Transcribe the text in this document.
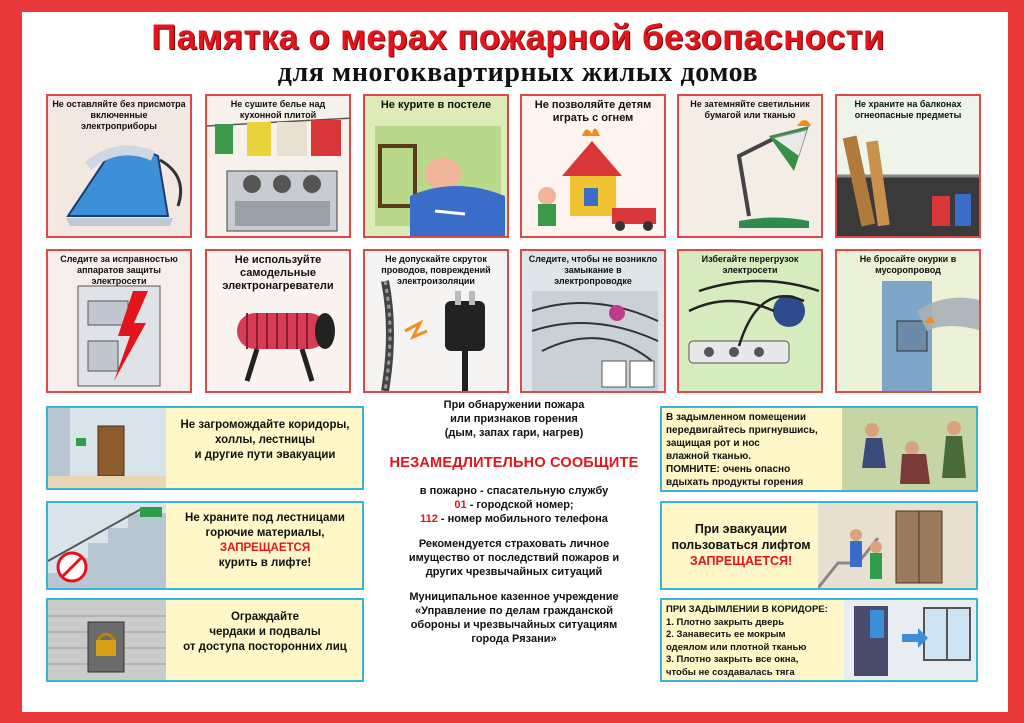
Памятка о мерах пожарной безопасности
для многоквартирных жилых домов
Не оставляйте без присмотра включенные электроприборы
Не сушите белье над кухонной плитой
Не курите в постеле	Не позволяйте детям играть с огнем
Не затемняйте светильник бумагой или тканью
Не храните на балконах огнеопасные предметы
Следите за исправностью аппаратов защиты электросети
Не используйте самодельные электронагреватели
Не допускайте скруток проводов, повреждений электроизоляции
Следите, чтобы не возникло замыкание в электропроводке
Избегайте перегрузок электросети
Не бросайте окурки в мусоропровод
Не загромождайте коридоры,
холлы, лестницы
и другие пути эвакуации
Не храните под лестницами
горючие материалы,
ЗАПРЕЩАЕТСЯ
курить в лифте!
Ограждайте
чердаки и подвалы
от доступа посторонних лиц

При обнаружении пожара

или признаков горения

(дым, запах гари, нагрев)

НЕЗАМЕДЛИТЕЛЬНО СООБЩИТЕ

в пожарно - спасательную службу

01 - городской номер;

112 - номер мобильного телефона

Рекомендуется страховать личное

имущество от последствий пожаров и

других чрезвычайных ситуаций

Муниципальное казенное учреждение

«Управление по делам гражданской

обороны и чрезвычайных ситуациям

города Рязани»

В задымленном помещении
передвигайтесь пригнувшись,
защищая рот и нос
влажной тканью.
ПОМНИТЕ: очень опасно
вдыхать продукты горения
При эвакуации
пользоваться лифтом
ЗАПРЕЩАЕТСЯ!
ПРИ ЗАДЫМЛЕНИИ В КОРИДОРЕ:
1. Плотно закрыть дверь
2. Занавесить ее мокрым
одеялом или плотной тканью
3. Плотно закрыть все окна,
чтобы не создавалась тяга
